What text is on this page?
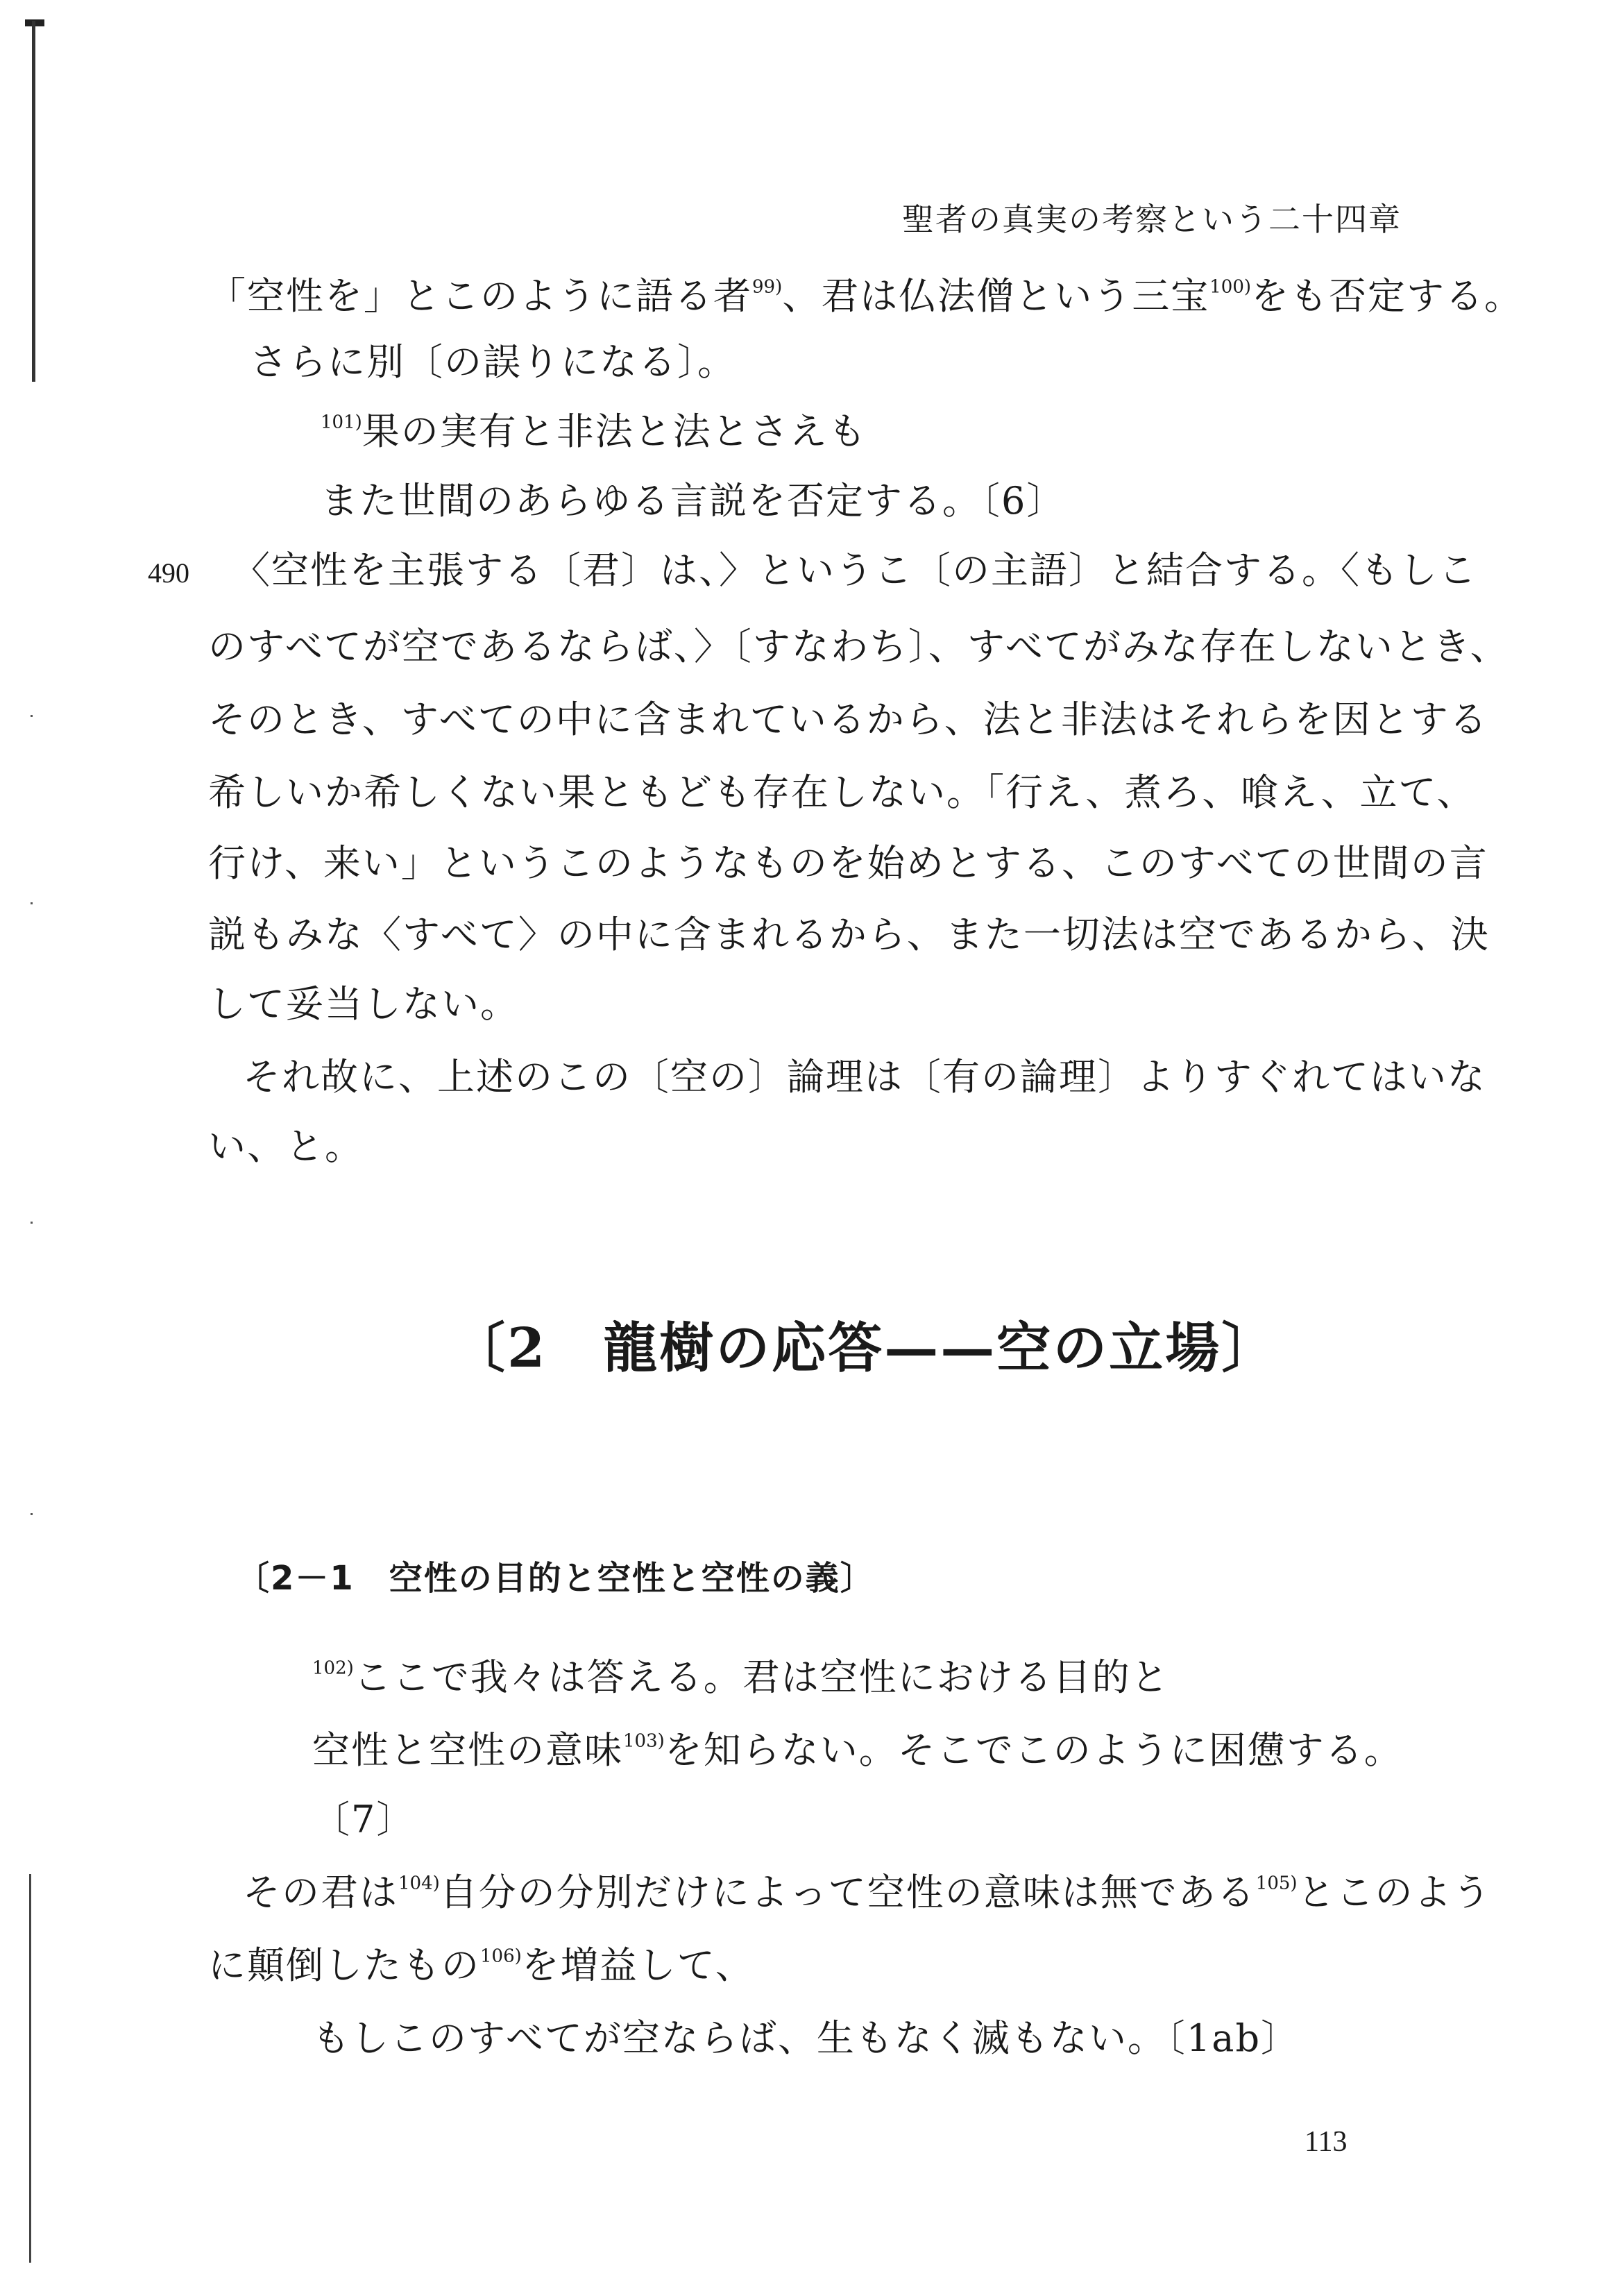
聖者の真実の考察という二十四章
「空性を」とこのように語る者$^{99)}$、君は仏法僧という三宝$^{100)}$をも否定する。
さらに別〔の誤りになる〕。
$^{101)}$果の実有と非法と法とさえも
また世間のあらゆる言説を否定する。〔6〕
490 〈空性を主張する〔君〕は、〉というこ〔の主語〕と結合する。〈もしこ
のすべてが空であるならば、〉〔すなわち〕、すべてがみな存在しないとき、
そのとき、すべての中に含まれているから、法と非法はそれらを因とする
希しいか希しくない果ともども存在しない。「行え、煮ろ、喰え、立て、
行け、来い」というこのようなものを始めとする、このすべての世間の言
説もみな〈すべて〉の中に含まれるから、また一切法は空であるから、決
して妥当しない。
それ故に、上述のこの〔空の〕論理は〔有の論理〕よりすぐれてはいな
い、と。
〔2　龍樹の応答——空の立場〕
〔2－1　空性の目的と空性と空性の義〕
$^{102)}$ここで我々は答える。君は空性における目的と
空性と空性の意味$^{103)}$を知らない。そこでこのように困憊する。
〔7〕
その君は$^{104)}$自分の分別だけによって空性の意味は無である$^{105)}$とこのよう
に顛倒したもの$^{106)}$を増益して、
もしこのすべてが空ならば、生もなく滅もない。〔1ab〕
113
